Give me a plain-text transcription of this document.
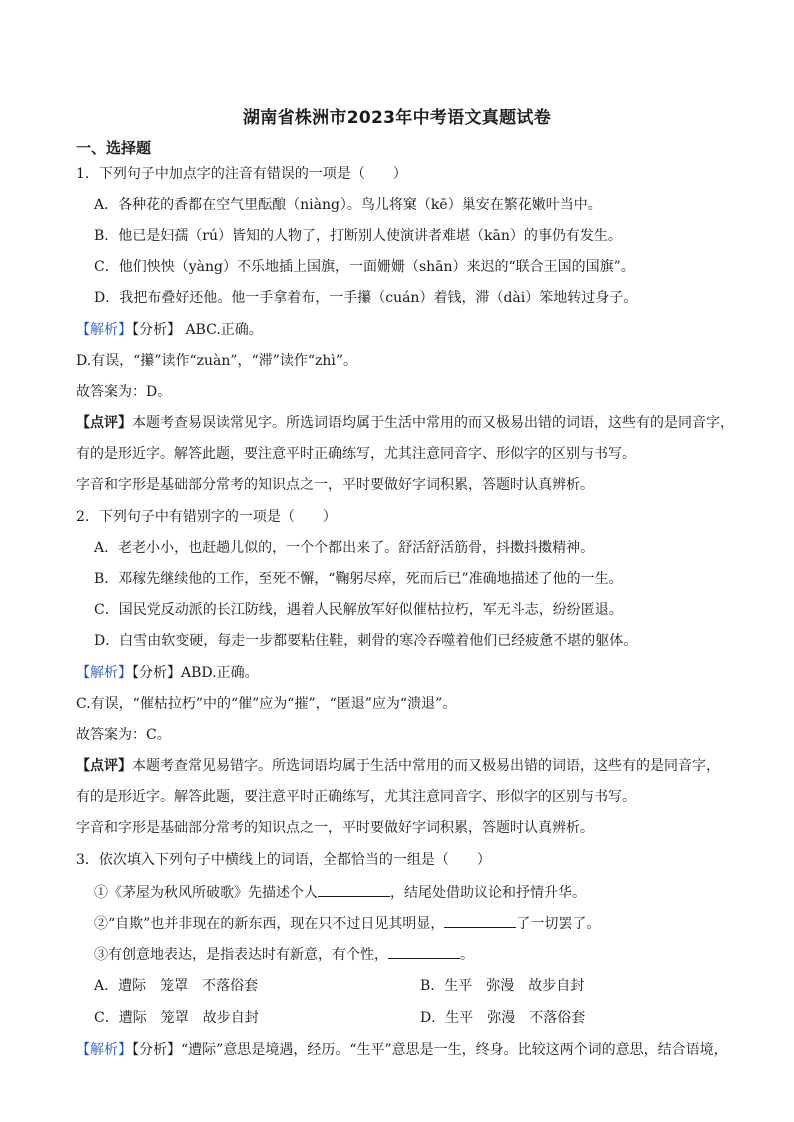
湖南省株洲市2023年中考语文真题试卷
一、选择题
1．下列句子中加点字的注音有错误的一项是（　　）
A．各种花的香都在空气里酝酿（niàng）。鸟儿将窠（kē）巢安在繁花嫩叶当中。
B．他已是妇孺（rú）皆知的人物了，打断别人使演讲者难堪（kān）的事仍有发生。
C．他们怏怏（yàng）不乐地插上国旗，一面姗姗（shān）来迟的“联合王国的国旗”。
D．我把布叠好还他。他一手拿着布，一手攥（cuán）着钱，滞（dài）笨地转过身子。
【解析】【分析】 ABC.正确。
D.有误，“攥”读作“zuàn”，“滞”读作“zhì”。
故答案为：D。
【点评】本题考查易误读常见字。所选词语均属于生活中常用的而又极易出错的词语，这些有的是同音字，
有的是形近字。解答此题，要注意平时正确练写，尤其注意同音字、形似字的区别与书写。
字音和字形是基础部分常考的知识点之一，平时要做好字词积累，答题时认真辨析。
2．下列句子中有错别字的一项是（　　）
A．老老小小，也赶趟儿似的，一个个都出来了。舒活舒活筋骨，抖擞抖擞精神。
B．邓稼先继续他的工作，至死不懈，“鞠躬尽瘁，死而后已”准确地描述了他的一生。
C．国民党反动派的长江防线，遇着人民解放军好似催枯拉朽，军无斗志，纷纷匿退。
D．白雪由软变硬，每走一步都要粘住鞋，刺骨的寒冷吞噬着他们已经疲惫不堪的躯体。
【解析】【分析】ABD.正确。
C.有误，“催枯拉朽”中的“催”应为“摧”，“匿退”应为“溃退”。
故答案为：C。
【点评】本题考查常见易错字。所选词语均属于生活中常用的而又极易出错的词语，这些有的是同音字，
有的是形近字。解答此题，要注意平时正确练写，尤其注意同音字、形似字的区别与书写。
字音和字形是基础部分常考的知识点之一，平时要做好字词积累，答题时认真辨析。
3．依次填入下列句子中横线上的词语，全都恰当的一组是（　　）
①《茅屋为秋风所破歌》先描述个人	，结尾处借助议论和抒情升华。
②“自欺”也并非现在的新东西，现在只不过日见其明显，	了一切罢了。
③有创意地表达，是指表达时有新意，有个性，	。
A．遭际　笼罩　不落俗套	B．生平　弥漫　故步自封
C．遭际　笼罩　故步自封	D．生平　弥漫　不落俗套
【解析】【分析】“遭际”意思是境遇，经历。“生平”意思是一生，终身。比较这两个词的意思，结合语境，
